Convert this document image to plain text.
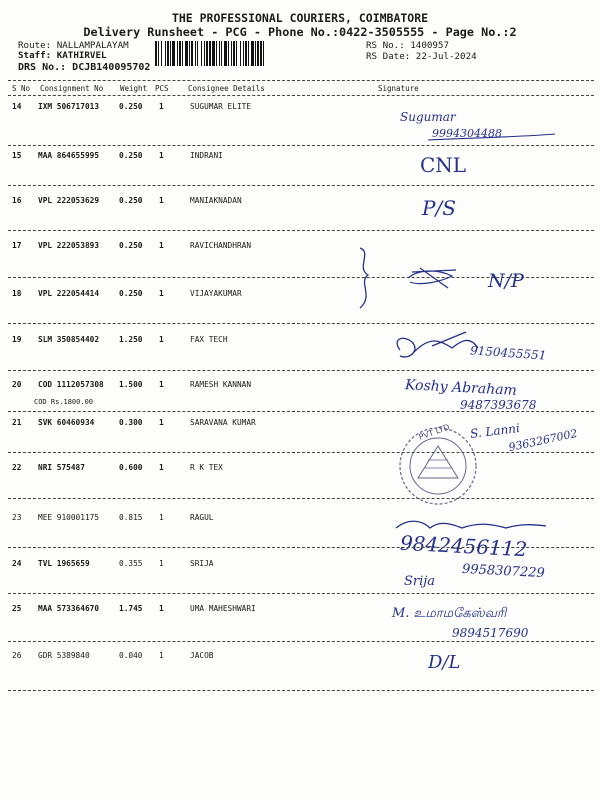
THE PROFESSIONAL COURIERS, COIMBATORE
Delivery Runsheet - PCG - Phone No.:0422-3505555 - Page No.:2
Route: NALLAMPALAYAM
Staff: KATHIRVEL
DRS No.: DCJB140095702
RS No.: 1400957
RS Date: 22-Jul-2024
S No Consignment No Weight PCS	Consignee Details	Signature
14 IXM 506717013	0.250 1	SUGUMAR ELITE
Sugumar
9994304488
15 MAA 864655995	0.250 1	INDRANI	CNL
16 VPL 222053629	0.250 1	MANIAKNADAN	P/S
17 VPL 222053893	0.250 1	RAVICHANDHRAN
18 VPL 222054414	0.250 1	VIJAYAKUMAR
N/P
19 SLM 350854402	1.250 1	FAX TECH
9150455551
20 COD 1112057308 1.500 1	RAMESH KANNAN
COD Rs.1800.00
Koshy Abraham
9487393678
21 SVK 60460934	0.300 1	SARAVANA KUMAR	S. Lanni
9363267002
22 NRI 575487	0.600 1	R K TEX
23 MEE 910001175	0.815 1	RAGUL
9842456112
24 TVL 1965659	0.355 1	SRIJA
Srija
9958307229
25 MAA 573364670	1.745 1	UMA MAHESHWARI	M. உமாமகேஸ்வரி
9894517690
26 GDR 5389840	0.040 1	JACOB	D/L
PVT LTD
